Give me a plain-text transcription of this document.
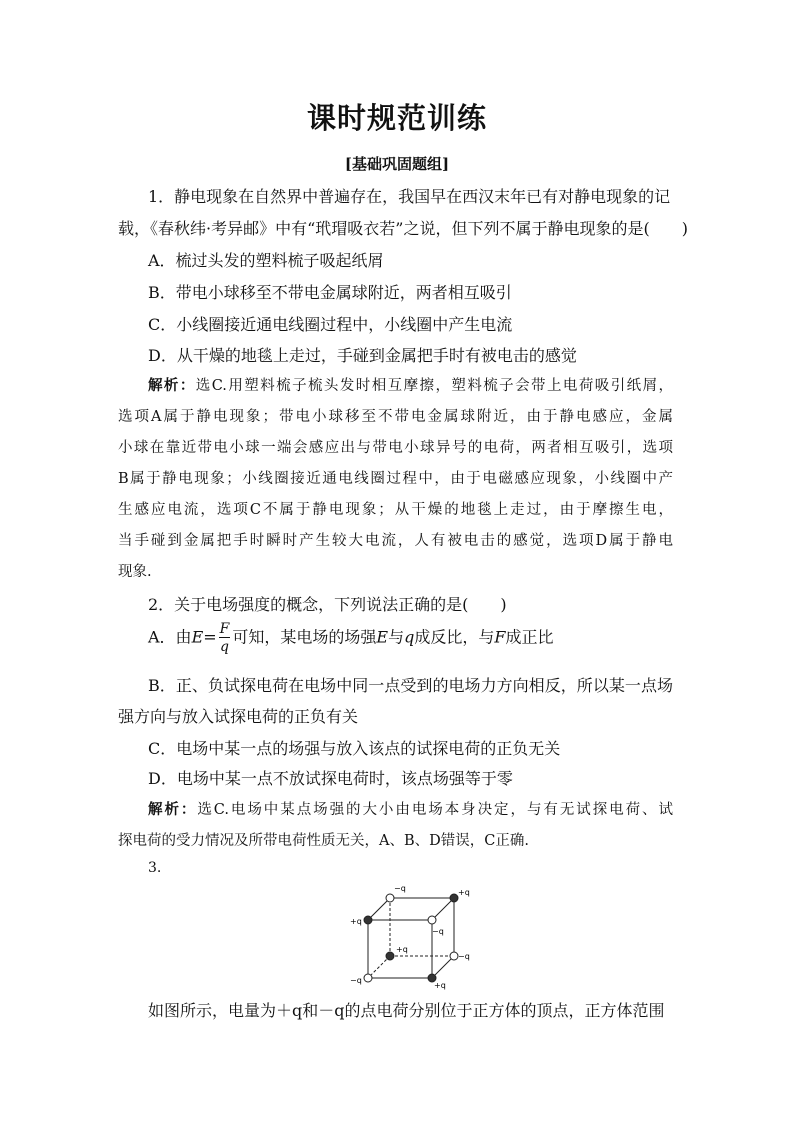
课时规范训练
[基础巩固题组]
1．静电现象在自然界中普遍存在，我国早在西汉末年已有对静电现象的记
载，《春秋纬·考异邮》中有“玳瑁吸衣若”之说，但下列不属于静电现象的是(　　)
A．梳过头发的塑料梳子吸起纸屑
B．带电小球移至不带电金属球附近，两者相互吸引
C．小线圈接近通电线圈过程中，小线圈中产生电流
D．从干燥的地毯上走过，手碰到金属把手时有被电击的感觉
解析：选C.用塑料梳子梳头发时相互摩擦，塑料梳子会带上电荷吸引纸屑，
选项A属于静电现象；带电小球移至不带电金属球附近，由于静电感应，金属
小球在靠近带电小球一端会感应出与带电小球异号的电荷，两者相互吸引，选项
B属于静电现象；小线圈接近通电线圈过程中，由于电磁感应现象，小线圈中产
生感应电流，选项C不属于静电现象；从干燥的地毯上走过，由于摩擦生电，
当手碰到金属把手时瞬时产生较大电流，人有被电击的感觉，选项D属于静电
现象.
2．关于电场强度的概念，下列说法正确的是(　　)
A．由$E= \frac{F}{q}$ 可知，某电场的场强E与q成反比，与F成正比
B．正、负试探电荷在电场中同一点受到的电场力方向相反，所以某一点场
强方向与放入试探电荷的正负有关
C．电场中某一点的场强与放入该点的试探电荷的正负无关
D．电场中某一点不放试探电荷时，该点场强等于零
解析：选C.电场中某点场强的大小由电场本身决定，与有无试探电荷、试
探电荷的受力情况及所带电荷性质无关，A、B、D错误，C正确.
3.
−q	+q
+q
−q
+q
−q
−q
+q
如图所示，电量为＋q和－q的点电荷分别位于正方体的顶点，正方体范围
